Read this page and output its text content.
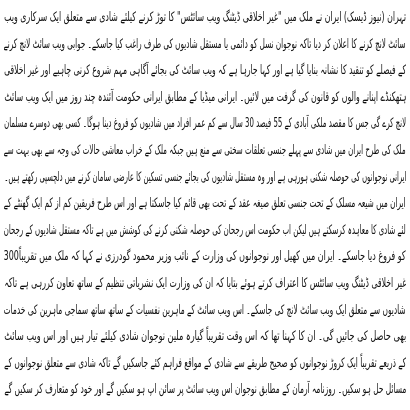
تہران (نیوز ڈیسک) ایران نے ملک میں "غیر اخلاقی ڈیٹنگ ویب سائٹس" کا توڑ کرنے کیلئے شادی سے متعلق ایک سرکاری ویب
سائٹ لانچ کرنے کا اعلان کر دیا تاکہ نوجوان نسل کو دائمی یا مستقل شادیوں کی طرف راغب کیا جاسکے۔ جوابی ویب سائٹ لانچ کرنے
کے فیصلے کو تنقید کا نشانہ بنایا گیا ہے اور کہا جارہا ہے کہ ویب سائٹ کی بجائے آگاہی مہم شروع کرنی چاہیے اور غیر اخلاقی
ہتھکنڈے اپنانے والوں کو قانون کی گرفت میں لائیں۔ ایرانی میڈیا کے مطابق ایرانی حکومت آئندہ چند روز میں ایک ویب سائٹ
لانچ کرے گی جس کا مقصد ملکی آبادی کے 55 فیصد 30 سال سے کم عمر افراد میں شادیوں کو فروغ دینا ہوگا۔ کسی بھی دوسرے مسلمان
ملک کی طرح ایران میں شادی سے پہلے جنسی تعلقات سختی سے منع ہیں جبکہ ملک کے خراب معاشی حالات کی وجہ سے بھی بہت سے
ایرانی نوجوانوں کی حوصلہ شکنی ہورہی ہے اور وہ مستقل شادیوں کی بجائے جنسی تسکین کا عارضی سامان کرنے میں دلچسپی رکھتے ہیں۔
ایران میں شیعہ مسلک کے تحت جنسی تعلق صیغہ عقد کے تحت بھی قائم کیا جاسکتا ہے اور اس طرح فریقین کم از کم ایک گھنٹے کے
لئے شادی کا معاہدہ کرسکتے ہیں لیکن اب حکومت اس رجحان کی حوصلہ شکنی کرنے کی کوشش میں ہے تاکہ مستقل شادیوں کے رجحان
کو فروغ دیا جاسکے۔ ایران میں کھیل اور نوجوانوں کی وزارت کے نائب وزیر محمود گودرزی نے کہا کہ ملک میں تقریباً300
غیر اخلاقی ڈیٹنگ ویب سائٹس کا اعتراف کرتے ہوئے بتایا کہ ان کی وزارت ایک نشریاتی تنظیم کے ساتھ تعاون کررہی ہے تاکہ
شادیوں سے متعلق ایک ویب سائٹ لانچ کی جاسکے۔ اس ویب سائٹ کے ماہرین نفسیات کے ساتھ ساتھ سماجی ماہرین کی خدمات
بھی حاصل کی جائیں گی۔ ان کا کہنا تھا کہ اس وقت تقریباً گیارہ ملین نوجوان شادی کیلئے تیار ہیں اور اس ویب سائٹ
کے ذریعے تقریباً ایک کروڑ نوجوانوں کو صحیح طریقے سے شادی کے مواقع فراہم کئے جاسکیں گے تاکہ شادی سے متعلق نوجوانوں کے
مسائل حل ہو سکیں۔ روزنامہ آرمان کے مطابق نوجوان اس ویب سائٹ پر سائن اپ ہو سکیں گے اور خود کو متعارف کر سکیں گے
